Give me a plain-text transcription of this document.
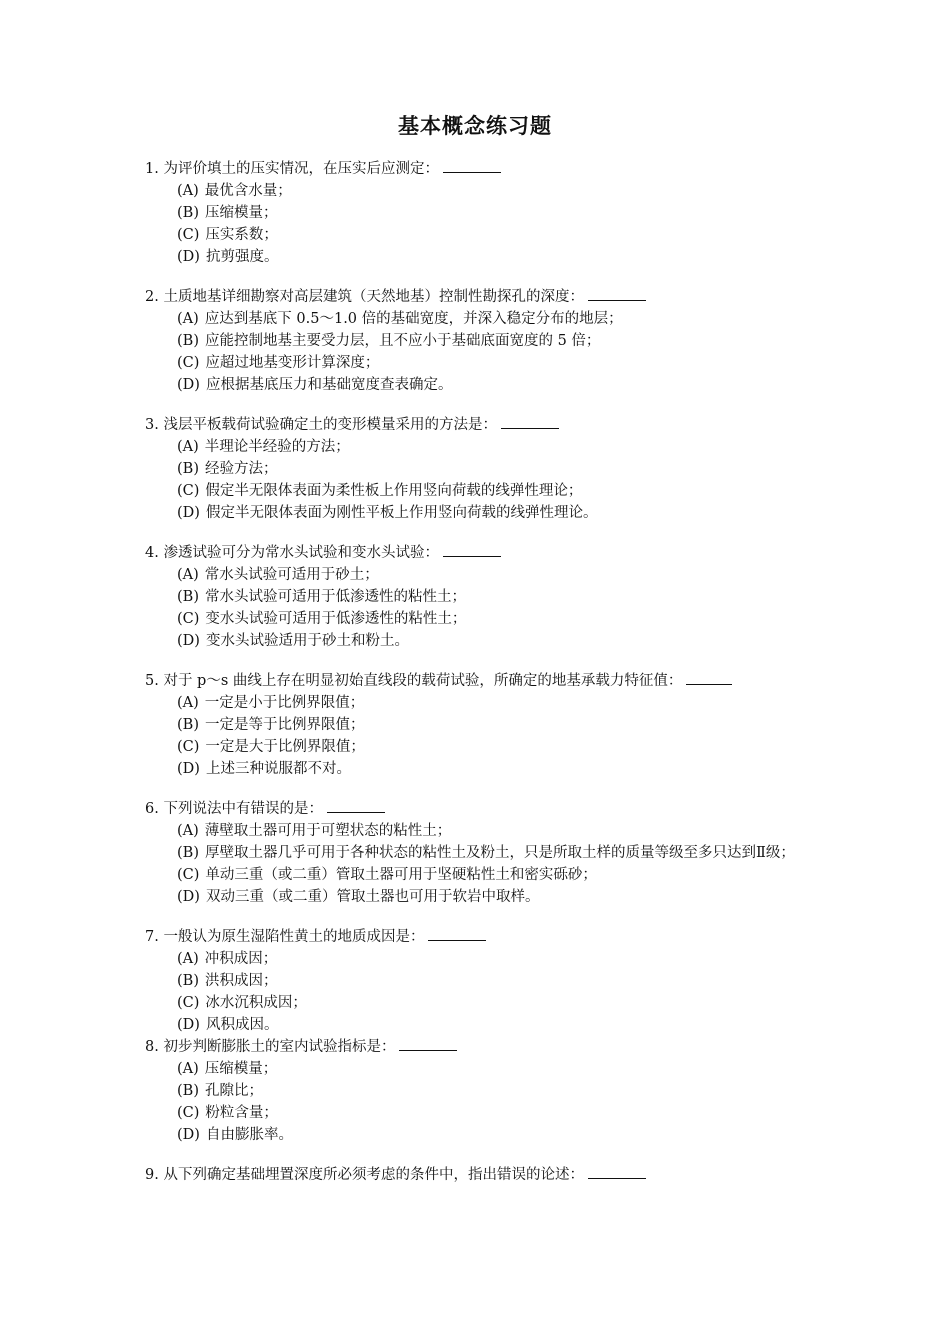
基本概念练习题
1. 为评价填土的压实情况，在压实后应测定：
(A) 最优含水量；
(B) 压缩模量；
(C) 压实系数；
(D) 抗剪强度。
2. 土质地基详细勘察对高层建筑（天然地基）控制性勘探孔的深度：
(A) 应达到基底下 0.5～1.0 倍的基础宽度，并深入稳定分布的地层；
(B) 应能控制地基主要受力层，且不应小于基础底面宽度的 5 倍；
(C) 应超过地基变形计算深度；
(D) 应根据基底压力和基础宽度查表确定。
3. 浅层平板载荷试验确定土的变形模量采用的方法是：
(A) 半理论半经验的方法；
(B) 经验方法；
(C) 假定半无限体表面为柔性板上作用竖向荷载的线弹性理论；
(D) 假定半无限体表面为刚性平板上作用竖向荷载的线弹性理论。
4. 渗透试验可分为常水头试验和变水头试验：
(A) 常水头试验可适用于砂土；
(B) 常水头试验可适用于低渗透性的粘性土；
(C) 变水头试验可适用于低渗透性的粘性土；
(D) 变水头试验适用于砂土和粉土。
5. 对于 p～s 曲线上存在明显初始直线段的载荷试验，所确定的地基承载力特征值：
(A) 一定是小于比例界限值；
(B) 一定是等于比例界限值；
(C) 一定是大于比例界限值；
(D) 上述三种说服都不对。
6. 下列说法中有错误的是：
(A) 薄壁取土器可用于可塑状态的粘性土；
(B) 厚壁取土器几乎可用于各种状态的粘性土及粉土，只是所取土样的质量等级至多只达到Ⅱ级；
(C) 单动三重（或二重）管取土器可用于坚硬粘性土和密实砾砂；
(D) 双动三重（或二重）管取土器也可用于软岩中取样。
7. 一般认为原生湿陷性黄土的地质成因是：
(A) 冲积成因；
(B) 洪积成因；
(C) 冰水沉积成因；
(D) 风积成因。
8. 初步判断膨胀土的室内试验指标是：
(A) 压缩模量；
(B) 孔隙比；
(C) 粉粒含量；
(D) 自由膨胀率。
9. 从下列确定基础埋置深度所必须考虑的条件中，指出错误的论述：
